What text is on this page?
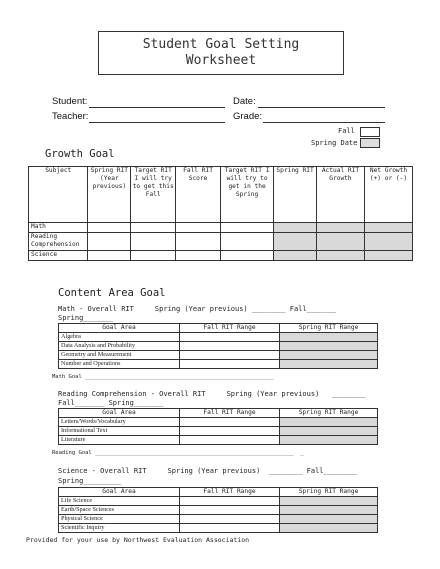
Student Goal Setting
Worksheet
Student:	Date:
Teacher:	Grade:
Fall
Spring Date
Growth Goal
Subject	Spring RIT (Year previous)	Target RIT I will try to get this Fall	Fall RIT Score	Target RIT I will try to get in the Spring	Spring RIT	Actual RIT Growth	Net Growth (+) or (-)
Math							
Reading Comprehension							
Science							
Content Area Goal
Math - Overall RIT     Spring (Year previous) ________ Fall_______
Spring_______
Goal Area	Fall RIT Range	Spring RIT Range
Algebra		
Data Analysis and Probability		
Geometry and Measurement		
Number and Operations		
Math Goal _________________________________________________________
Reading Comprehension - Overall RIT     Spring (Year previous)   ________
Fall_______ Spring_______
Goal Area	Fall RIT Range	Spring RIT Range
Letters/Words/Vocabulary		
Informational Text		
Literature		
Reading Goal ____________________________________________________________  _
Science - Overall RIT     Spring (Year previous)  ________ Fall________
Spring_________
Goal Area	Fall RIT Range	Spring RIT Range
Life Science		
Earth/Space Sciences		
Physical Science		
Scientific Inquiry		
Provided for your use by Northwest Evaluation Association
